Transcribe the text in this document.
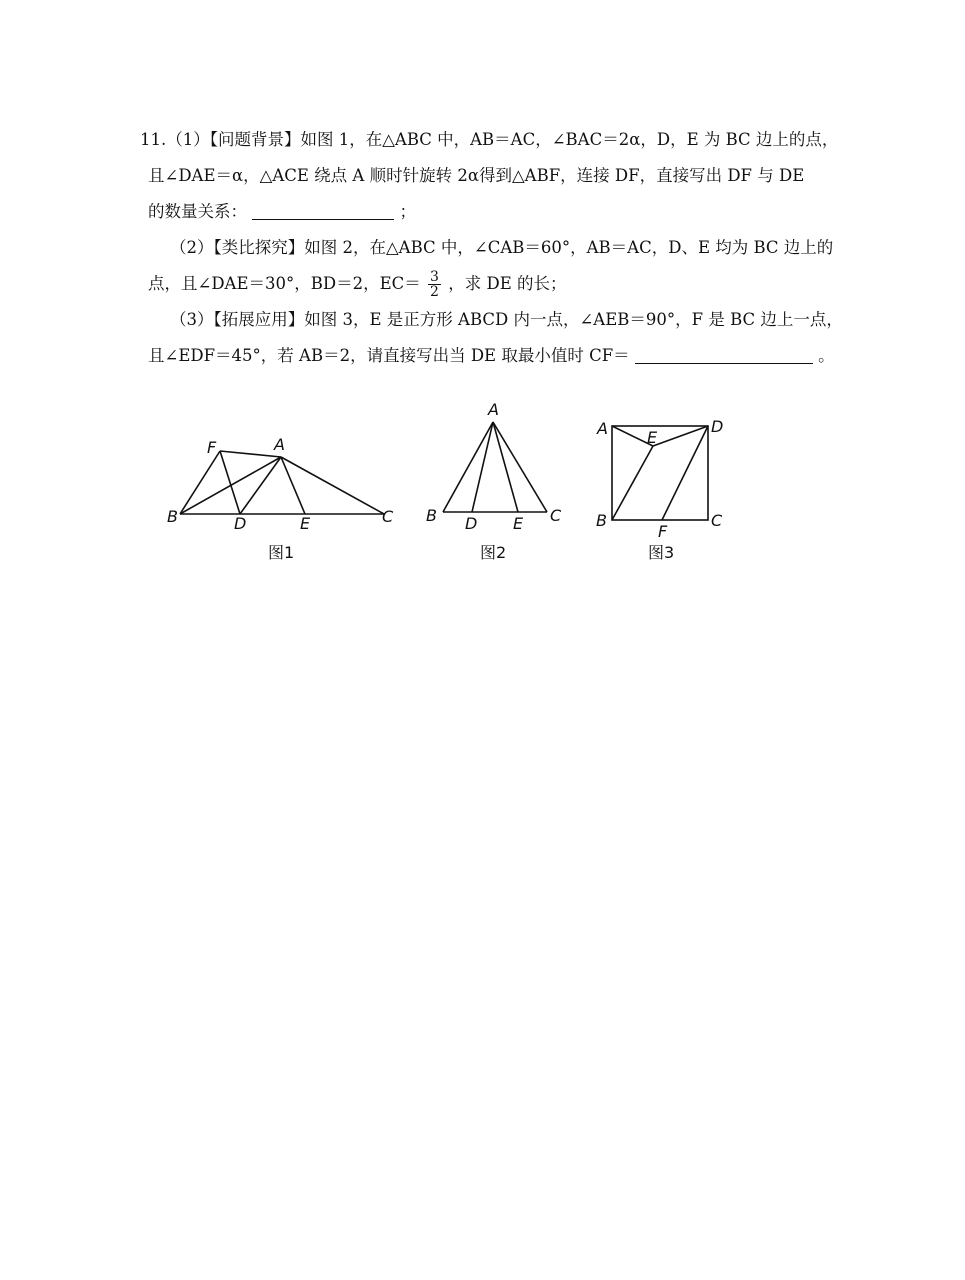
11.（1）【问题背景】如图 1，在△ABC 中，AB＝AC，∠BAC＝2α，D，E 为 BC 边上的点，
且∠DAE＝α，△ACE 绕点 A 顺时针旋转 2α得到△ABF，连接 DF，直接写出 DF 与 DE
的数量关系：	；
（2）【类比探究】如图 2，在△ABC 中，∠CAB＝60°，AB＝AC，D、E 均为 BC 边上的
点，且∠DAE＝30°，BD＝2，$EC= \frac{3}{2}$ ，求 DE 的长；
（3）【拓展应用】如图 3，E 是正方形 ABCD 内一点，∠AEB＝90°，F 是 BC 边上一点，
且∠EDF＝45°，若 AB＝2，请直接写出当 DE 取最小值时 CF＝	。
A
B	C
D	E
F
图1
A
B	C
D E
图2
A
B	C
D
E
F
图3
